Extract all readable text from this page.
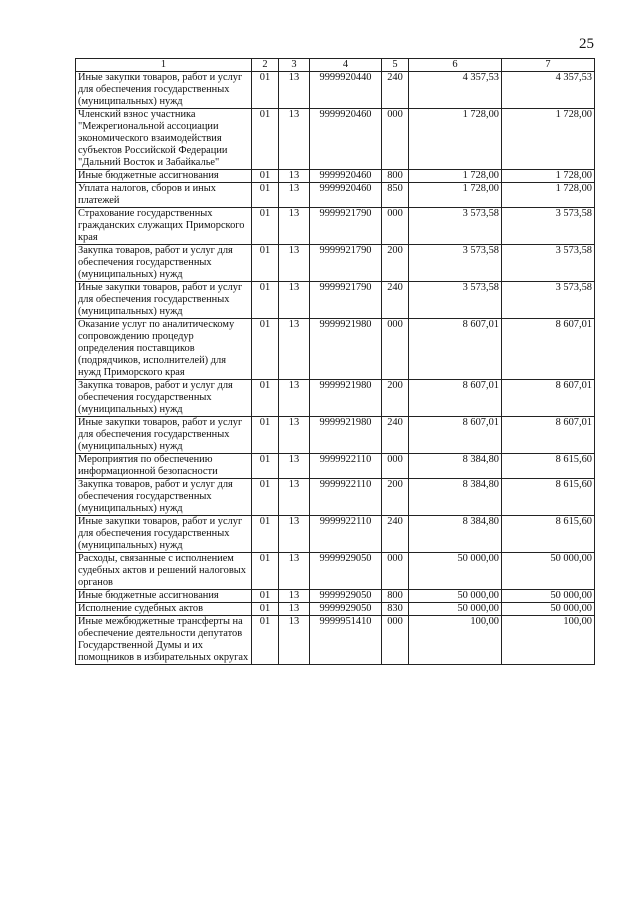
25
1	2	3	4	5	6	7
Иные закупки товаров, работ и услуг для обеспечения государственных (муниципальных) нужд	01	13	9999920440	240	4 357,53	4 357,53
Членский взнос участника "Межрегиональной ассоциации экономического взаимодействия субъектов Российской Федерации "Дальний Восток и Забайкалье"	01	13	9999920460	000	1 728,00	1 728,00
Иные бюджетные ассигнования	01	13	9999920460	800	1 728,00	1 728,00
Уплата налогов, сборов и иных платежей	01	13	9999920460	850	1 728,00	1 728,00
Страхование государственных гражданских служащих Приморского края	01	13	9999921790	000	3 573,58	3 573,58
Закупка товаров, работ и услуг для обеспечения государственных (муниципальных) нужд	01	13	9999921790	200	3 573,58	3 573,58
Иные закупки товаров, работ и услуг для обеспечения государственных (муниципальных) нужд	01	13	9999921790	240	3 573,58	3 573,58
Оказание услуг по аналитическому сопровождению процедур определения поставщиков (подрядчиков, исполнителей) для нужд Приморского края	01	13	9999921980	000	8 607,01	8 607,01
Закупка товаров, работ и услуг для обеспечения государственных (муниципальных) нужд	01	13	9999921980	200	8 607,01	8 607,01
Иные закупки товаров, работ и услуг для обеспечения государственных (муниципальных) нужд	01	13	9999921980	240	8 607,01	8 607,01
Мероприятия по обеспечению информационной безопасности	01	13	9999922110	000	8 384,80	8 615,60
Закупка товаров, работ и услуг для обеспечения государственных (муниципальных) нужд	01	13	9999922110	200	8 384,80	8 615,60
Иные закупки товаров, работ и услуг для обеспечения государственных (муниципальных) нужд	01	13	9999922110	240	8 384,80	8 615,60
Расходы, связанные с исполнением судебных актов и решений налоговых органов	01	13	9999929050	000	50 000,00	50 000,00
Иные бюджетные ассигнования	01	13	9999929050	800	50 000,00	50 000,00
Исполнение судебных актов	01	13	9999929050	830	50 000,00	50 000,00
Иные межбюджетные трансферты на обеспечение деятельности депутатов Государственной Думы и их помощников в избирательных округах	01	13	9999951410	000	100,00	100,00
